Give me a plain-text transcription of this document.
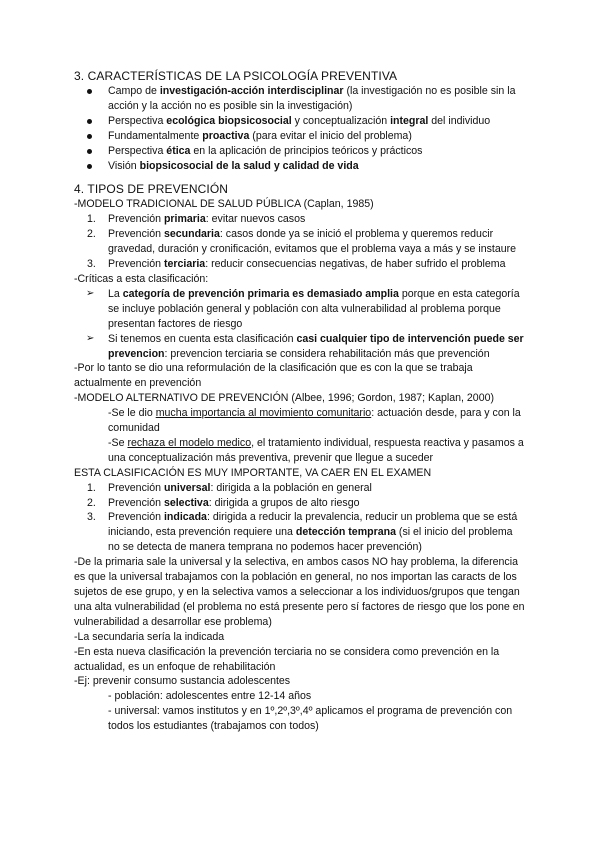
3. CARACTERÍSTICAS DE LA PSICOLOGÍA PREVENTIVA

Campo de investigación-acción interdisciplinar (la investigación no es posible sin la acción y la acción no es posible sin la investigación)

Perspectiva ecológica biopsicosocial y conceptualización integral del individuo

Fundamentalmente proactiva (para evitar el inicio del problema)

Perspectiva ética en la aplicación de principios teóricos y prácticos

Visión biopsicosocial de la salud y calidad de vida

4. TIPOS DE PREVENCIÓN

-MODELO TRADICIONAL DE SALUD PÚBLICA (Caplan, 1985)

1. Prevención primaria: evitar nuevos casos

2. Prevención secundaria: casos donde ya se inició el problema y queremos reducir gravedad, duración y cronificación, evitamos que el problema vaya a más y se instaure

3. Prevención terciaria: reducir consecuencias negativas, de haber sufrido el problema

-Críticas a esta clasificación:

➢ La categoría de prevención primaria es demasiado amplia porque en esta categoría se incluye población general y población con alta vulnerabilidad al problema porque presentan factores de riesgo

➢ Si tenemos en cuenta esta clasificación casi cualquier tipo de intervención puede ser prevencion: prevencion terciaria se considera rehabilitación más que prevención

-Por lo tanto se dio una reformulación de la clasificación que es con la que se trabaja actualmente en prevención

-MODELO ALTERNATIVO DE PREVENCIÓN (Albee, 1996; Gordon, 1987; Kaplan, 2000)

-Se le dio mucha importancia al movimiento comunitario: actuación desde, para y con la comunidad

-Se rechaza el modelo medico, el tratamiento individual, respuesta reactiva y pasamos a una conceptualización más preventiva, prevenir que llegue a suceder

ESTA CLASIFICACIÓN ES MUY IMPORTANTE, VA CAER EN EL EXAMEN

1. Prevención universal: dirigida a la población en general

2. Prevención selectiva: dirigida a grupos de alto riesgo

3. Prevención indicada: dirigida a reducir la prevalencia, reducir un problema que se está iniciando, esta prevención requiere una detección temprana (si el inicio del problema no se detecta de manera temprana no podemos hacer prevención)

-De la primaria sale la universal y la selectiva, en ambos casos NO hay problema, la diferencia es que la universal trabajamos con la población en general, no nos importan las caracts de los sujetos de ese grupo, y en la selectiva vamos a seleccionar a los individuos/grupos que tengan una alta vulnerabilidad (el problema no está presente pero sí factores de riesgo que los pone en vulnerabilidad a desarrollar ese problema)

-La secundaria sería la indicada

-En esta nueva clasificación la prevención terciaria no se considera como prevención en la actualidad, es un enfoque de rehabilitación

-Ej: prevenir consumo sustancia adolescentes

- población: adolescentes entre 12-14 años

- universal: vamos institutos y en 1º,2º,3º,4º aplicamos el programa de prevención con todos los estudiantes (trabajamos con todos)
